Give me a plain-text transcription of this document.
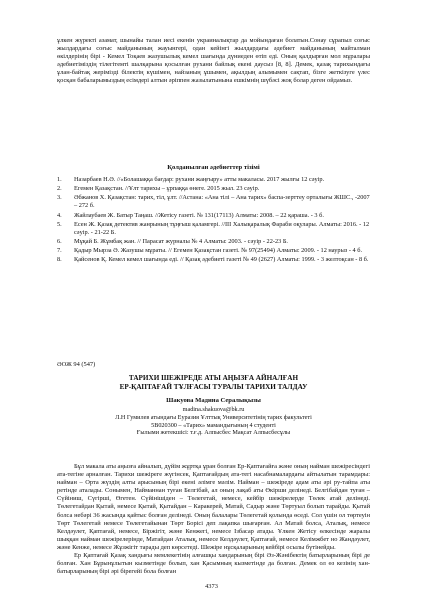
ұлкен жүректі азамат, шынайы талан иесі екенін украиналықтар да мойындаған болатын.Сонау сұрапыл соғыс жылдардағы соғыс майданының жауынгері, одан кейінгі жылдардағы әдебиет майданының майталман өкілдерінің бірі - Кемел Тоқаев жазушылық кемел шағында дүниеден өтіп еді. Оның қалдырған мол мұралары әдебиетіміздің тілегітемті шалқарына қосылған рухани байлық екені даусыз [8, 8]. Демек, қазақ тарихындағы ұлан-байтақ жерімізді білектің күшімен, найзаның ұшымен, ақылдың алымымен сақтап, бізге жеткізуге үлес қосқан бабаларымыздың есімдері алтын әріппен жазылатынына ешкімнің шүбәсі жоқ болар деген ойдамыз.

Қолданылған әдебиеттер тізімі
1. Назарбаев Н.Ә. //«Болашаққа бағдар: рухани жаңғыру» атты макаласы. 2017 жылғы 12 сәуір.
2. Егемен Қазақстан. //Ұлт тарихы – ұрпаққа өнеге. 2015 жыл. 23 сәуір.
3. Әбжанов Х. Қазақстан: тарих, тіл, ұлт. //Астана: «Ана тілі – Ана тарих» баспа-зерттеу орталығы ЖШС., -2007 – 272 б.
4. Жайлаубаев Ж. Батыр Таңаш. //Жетісу газеті. № 131(17113) Алматы: 2008. – 22 қараша. - 3 б.
5. Есен Ж. Қазақ детектив жанрының тұңғыш қаламгері. //ІІІ Халықаралық Фараби оқулары. Алматы: 2016. - 12 сәуір. - 21-22 Б.
6. Мұқай Б. Жұмбақ жан. // Парасат журналы № 4 Алматы: 2003. - сәуір - 22-23 Б.
7. Қадыр Мырза Ә. Жазушы мұраты. // Егемен Қазақстан газеті. № 97(25494) Алматы: 2009. - 12 наурыз - 4 б.
8. Қайсенов Қ. Кемел кемел шағында еді. // Қазақ әдебиеті газеті № 49 (2627) Алматы: 1999. - 3 желтоқсан - 8 б.
ӘОЖ 94 (547)
ТАРИХИ ШЕЖІРЕДЕ АТЫ АҢЫЗҒА АЙНАЛҒАН
ЕР-ҚАПТАҒАЙ ТҰЛҒАСЫ ТУРАЛЫ ТАРИХИ ТАЛДАУ
Шакуова Мадина Сералықызы
madina.shakuova@bk.ru
Л.Н Гумилев атындағы Еуразия Ұлттық Университетінің тарих факультеті
5В020300 – «Тарих» мамандығының 4 студенті
Ғылыми жетекшісі: т.ғ.д. Алпысбес Мақсат Алпысбесұлы

Бұл макала аты аңызға айналып, дүйім жұртқа ұран болған Ер-Қаптағайға және оның найман шежіресіндегі ата-тегіне арналған. Тарихи шежіреге жүгінсек, Қаптағайдың ата-тегі насабнамалардағы айтылатын тарамдары: найман – Орта жүздің алты арысының бірі екені әлімге мәлім. Найман – шежіреде адам аты әрі ру-тайпа аты ретінде аталады. Сонымен, Найманнан туған Белгібай, ал оның лақаб аты Өкірши делінеді. Белгібайдан туған – Сүйіниш, Сүгірші, Өгетен. Сүйінішіден – Төлегетай, немесе, кейбір шежірелерде Төлек атай делінеді. Төлегетайдан Қытай, немесе Қытай, Қытайдан – Каракерей, Матай, Садыр және Төртуыл болып тарайды. Қытай болса небәрі 36 жасында қайтыс болған делінеді. Оның балалары Төлегетай қолында өседі. Сол үшін ол төртеуін Төрт Төлегетай немесе Төлегетайынан Төрт Борісі деп лақапка шығарған. Ал Матай болса, Аталық, немесе Келдәулет, Қаптағай, немесе, Біржігіт, және Кенжегі, немесе Ізбасар атады. Ұлкен Жетісу өлкесінде жаралы шыққан найман шежірелерінде, Матайдан Аталық, немесе Келдәулет, Қаптағай, немесе Келімжбет но Жандәулет, және Кенже, немесе Жұзжігіт тарады деп көрсетеді. Шежіре нұсқаларының кейбірі осылы бүтінейды.

Ер Қаптағай Қазақ хандығы мемлекетінің алғашқы хандарының бірі Әз-Жәнібектің батырларының бірі де болған. Хан Бұрынұлытын кызметінде болып, хан Қасымның кызметінде да болған. Демек ол өз кезінің хан-батырларының бірі әрі бірегейі бола болған

4373
